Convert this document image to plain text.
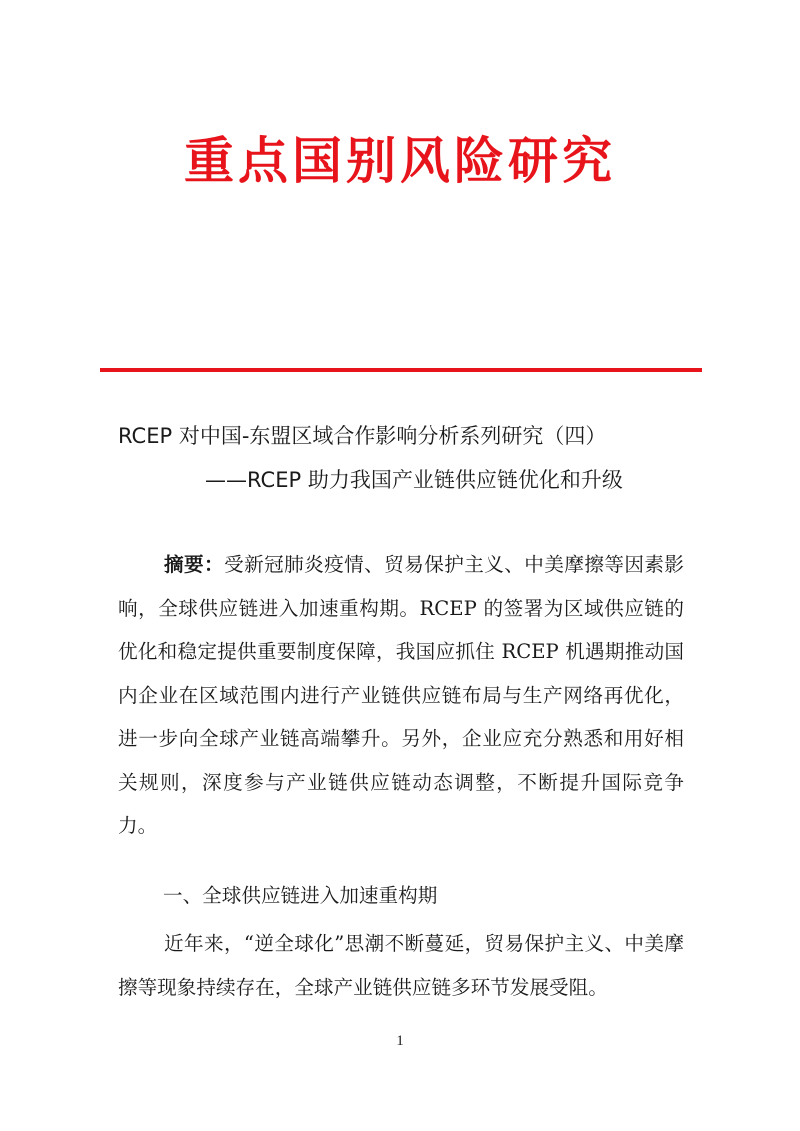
重点国别风险研究
RCEP 对中国-东盟区域合作影响分析系列研究（四）
——RCEP 助力我国产业链供应链优化和升级
摘要：受新冠肺炎疫情、贸易保护主义、中美摩擦等因素影响，全球供应链进入加速重构期。RCEP 的签署为区域供应链的优化和稳定提供重要制度保障，我国应抓住 RCEP 机遇期推动国内企业在区域范围内进行产业链供应链布局与生产网络再优化，进一步向全球产业链高端攀升。另外，企业应充分熟悉和用好相关规则，深度参与产业链供应链动态调整，不断提升国际竞争力。
一、全球供应链进入加速重构期
近年来，“逆全球化”思潮不断蔓延，贸易保护主义、中美摩擦等现象持续存在，全球产业链供应链多环节发展受阻。
1
